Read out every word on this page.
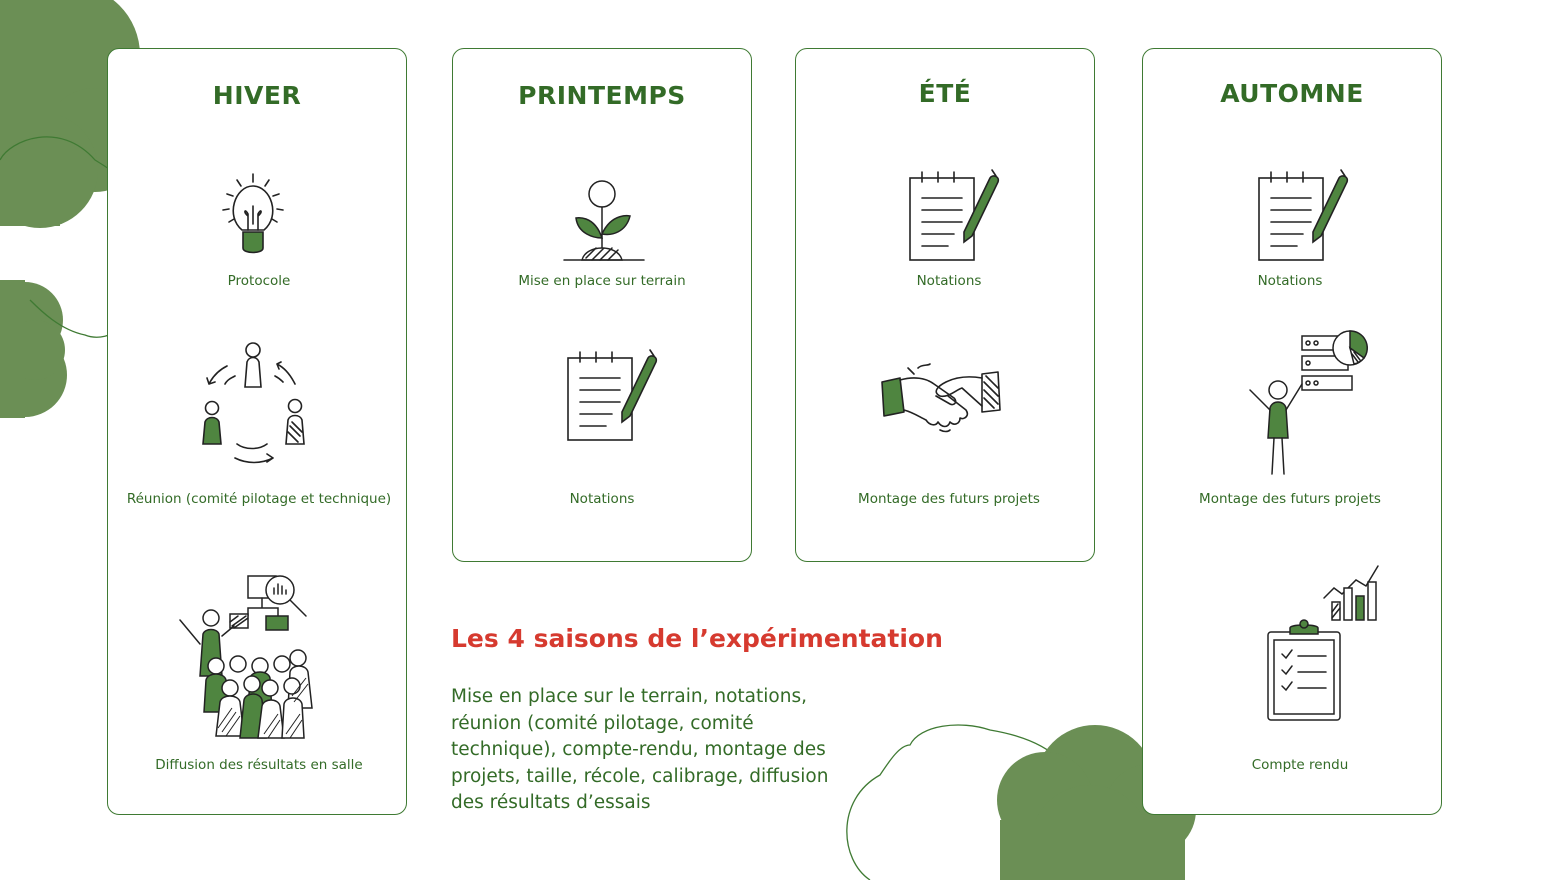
HIVER	PRINTEMPS	ÉTÉ	AUTOMNE
Protocole
Réunion (comité pilotage et technique)
Diffusion des résultats en salle
Mise en place sur terrain
Notations
Notations
Montage des futurs projets
Notations
Montage des futurs projets
Compte rendu
Les 4 saisons de l’expérimentation
Mise en place sur le terrain, notations, réunion (comité pilotage, comité technique), compte-rendu, montage des projets, taille, récole, calibrage, diffusion des résultats d’essais
